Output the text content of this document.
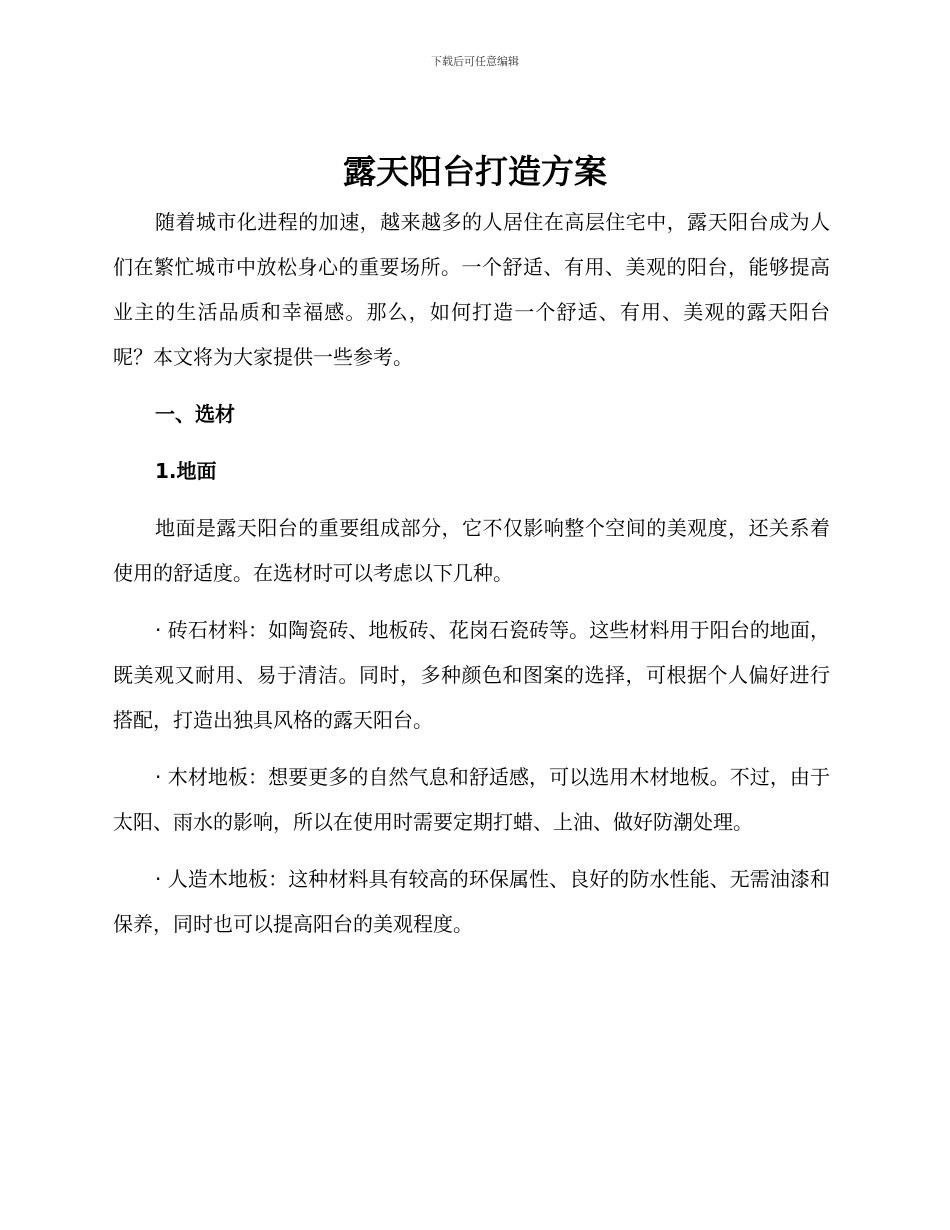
下载后可任意编辑
露天阳台打造方案

随着城市化进程的加速，越来越多的人居住在高层住宅中，露天阳台成为人们在繁忙城市中放松身心的重要场所。一个舒适、有用、美观的阳台，能够提高业主的生活品质和幸福感。那么，如何打造一个舒适、有用、美观的露天阳台呢？本文将为大家提供一些参考。

一、选材

1.地面

地面是露天阳台的重要组成部分，它不仅影响整个空间的美观度，还关系着使用的舒适度。在选材时可以考虑以下几种。

· 砖石材料：如陶瓷砖、地板砖、花岗石瓷砖等。这些材料用于阳台的地面，既美观又耐用、易于清洁。同时，多种颜色和图案的选择，可根据个人偏好进行搭配，打造出独具风格的露天阳台。

· 木材地板：想要更多的自然气息和舒适感，可以选用木材地板。不过，由于太阳、雨水的影响，所以在使用时需要定期打蜡、上油、做好防潮处理。

· 人造木地板：这种材料具有较高的环保属性、良好的防水性能、无需油漆和保养，同时也可以提高阳台的美观程度。
